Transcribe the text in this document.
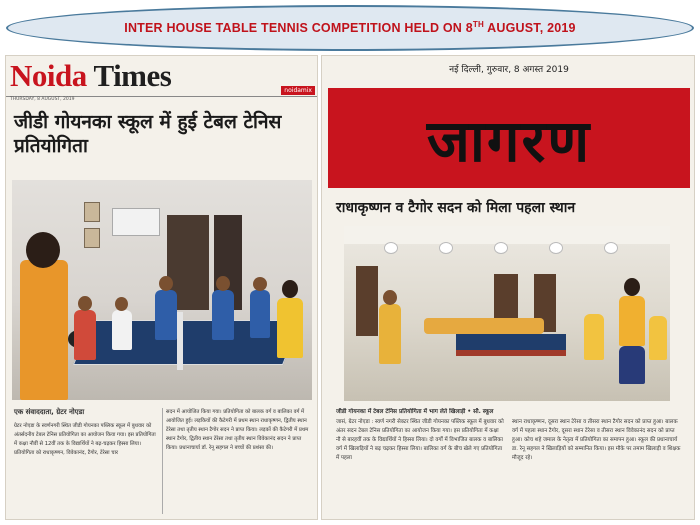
INTER HOUSE TABLE TENNIS COMPETITION HELD ON 8TH AUGUST, 2019
Noida Times	noidamix
THURSDAY, 8 AUGUST, 2019
जीडी गोयनका स्कूल में हुई टेबल टेनिस प्रतियोगिता
एक संवाददाता, ग्रेटर नोएडा
ग्रेटर नोएडा के स्वर्णनगरी स्थित जीडी गोयनका पब्लिक स्कूल में बुधवार को अंतर्सदनीय टेबल टेनिस प्रतियोगिता का आयोजन किया गया। इस प्रतियोगिता में कक्षा नौवीं से 12वीं तक के विद्यार्थियों ने बढ़-चढ़कर हिस्सा लिया। प्रतियोगिता को राधाकृष्णन, विवेकानंद, टैगोर, टेरेसा चार
सदन में आयोजित किया गया। प्रतियोगिता को बालक वर्ग व बालिका वर्ग में आयोजित हुई। लड़कियों की कैटेगरी में प्रथम स्थान राधाकृष्णन, द्वितीय स्थान टेरेसा तथा तृतीय स्थान टैगोर सदन ने प्राप्त किया। लड़कों की कैटेगरी में प्रथम स्थान टैगोर, द्वितीय स्थान टेरेसा तथा तृतीय स्थान विवेकानंद सदन ने प्राप्त किया। प्रधानाचार्या डॉ. रेनू सहगल ने बच्चों की प्रशंसा की।
नई दिल्ली, गुरुवार, 8 अगस्त 2019
जागरण
राधाकृष्णन व टैगोर सदन को मिला पहला स्थान
जीडी गोयनका में टेबल टेनिस प्रतियोगिता में भाग लेते खिलाड़ी • सौ. स्कूल
जासं, ग्रेटर नोएडा : स्वर्ण नगरी सेक्टर स्थित जीडी गोयनका पब्लिक स्कूल में बुधवार को अंतर सदन टेबल टेनिस प्रतियोगिता का आयोजन किया गया। इस प्रतियोगिता में कक्षा नौ से बारहवीं तक के विद्यार्थियों ने हिस्सा लिया। दो वर्गों में विभाजित बालक व बालिका वर्ग में खिलाड़ियों ने बढ़ चढ़कर हिस्सा लिया। बालिका वर्ग के बीच खेले गए प्रतियोगिता में पहला
स्थान राधाकृष्णन, दूसरा स्थान टेरेसा व तीसरा स्थान टैगोर सदन को प्राप्त हुआ। बालक वर्ग में पहला स्थान टैगोर, दूसरा स्थान टेरेसा व तीसरा स्थान विवेकानंद सदन को प्राप्त हुआ। कोच शहे जमाल के नेतृत्व में प्रतियोगिता का समापन हुआ। स्कूल की प्रधानाचार्य डा. रेनू सहगल ने खिलाड़ियों को सम्मानित किया। इस मौके पर तमाम खिलाड़ी व शिक्षक मौजूद रहे।
